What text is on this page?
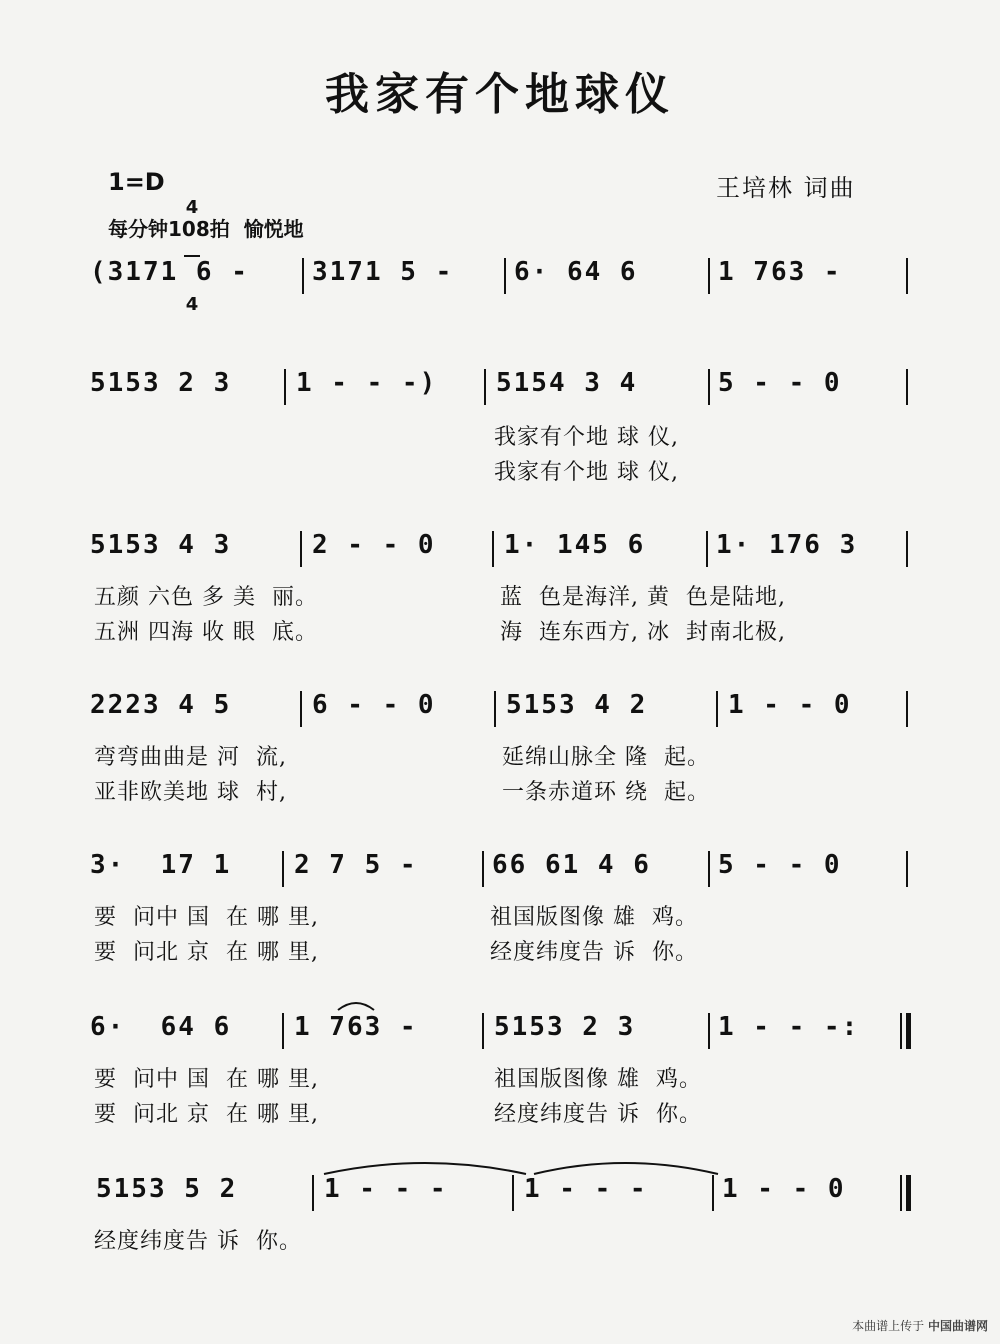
我家有个地球仪
1=D

4

4

每分钟108拍  愉悦地
王培林 词曲
(3171 6 - 3171 5 - 6· 64 6	1 763 -
5153 2 3 1 - - -) 5154 3 4	5 - - 0
我家有个地 球 仪,
我家有个地 球 仪,
5153 4 3	2 - - 0	1· 145 6	1· 176 3
五颜 六色 多 美  丽。
五洲 四海 收 眼  底。
蓝  色是海洋, 黄  色是陆地,
海  连东西方, 冰  封南北极,
2223 4 5	6 - - 0	5153 4 2	1 - - 0
弯弯曲曲是 河  流,
亚非欧美地 球  村,
延绵山脉全 隆  起。
一条赤道环 绕  起。
3·  17 1 2 7 5 -	66 61 4 6	5 - - 0
要  问中 国  在 哪 里,
要  问北 京  在 哪 里,
祖国版图像 雄  鸡。
经度纬度告 诉  你。
6·  64 6 1 763 -	5153 2 3	1 - - -:
要  问中 国  在 哪 里,
要  问北 京  在 哪 里,
祖国版图像 雄  鸡。
经度纬度告 诉  你。
5153 5 2	1 - - -	1 - - -	1 - - 0
经度纬度告 诉  你。
本曲谱上传于 中国曲谱网
